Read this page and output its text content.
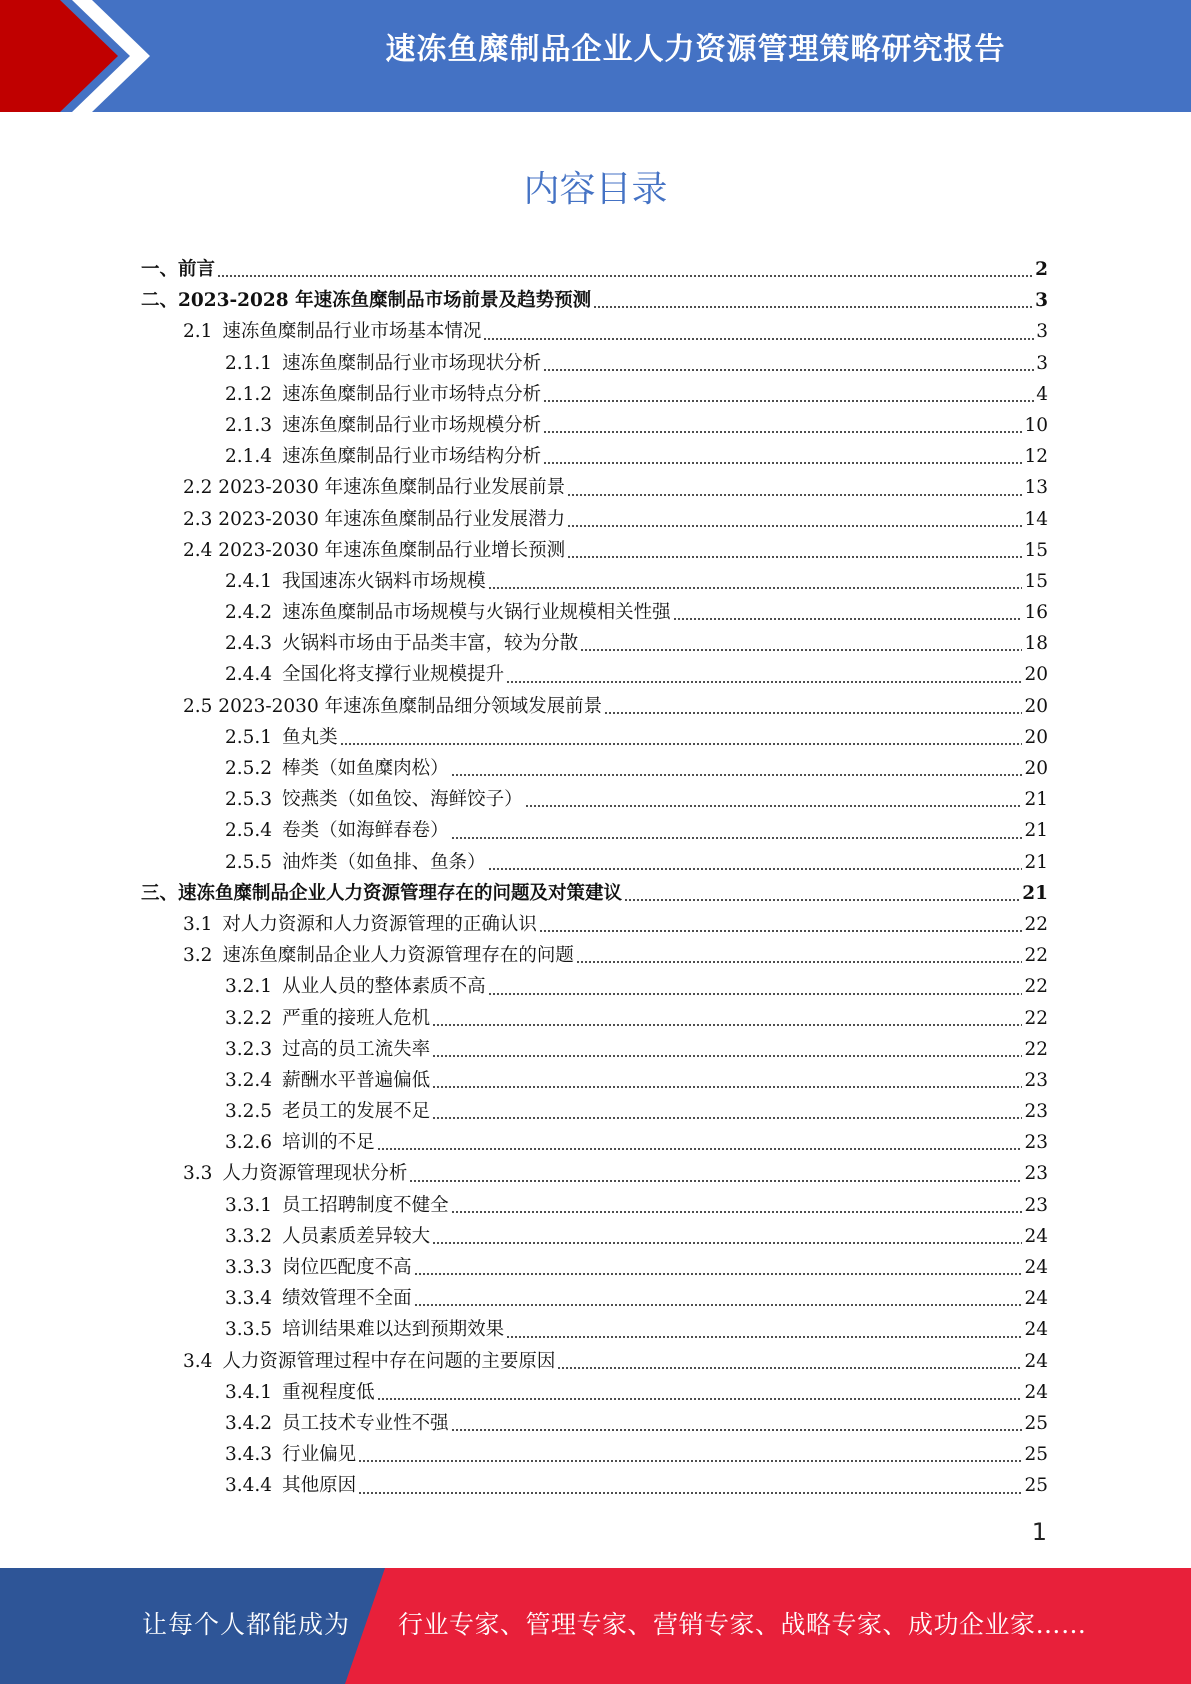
速冻鱼糜制品企业人力资源管理策略研究报告
内容目录
一、前言	2
二、2023-2028 年速冻鱼糜制品市场前景及趋势预测	3
2.1 速冻鱼糜制品行业市场基本情况	3
2.1.1 速冻鱼糜制品行业市场现状分析	3
2.1.2 速冻鱼糜制品行业市场特点分析	4
2.1.3 速冻鱼糜制品行业市场规模分析	10
2.1.4 速冻鱼糜制品行业市场结构分析	12
2.2 2023-2030 年速冻鱼糜制品行业发展前景	13
2.3 2023-2030 年速冻鱼糜制品行业发展潜力	14
2.4 2023-2030 年速冻鱼糜制品行业增长预测	15
2.4.1 我国速冻火锅料市场规模	15
2.4.2 速冻鱼糜制品市场规模与火锅行业规模相关性强	16
2.4.3 火锅料市场由于品类丰富，较为分散	18
2.4.4 全国化将支撑行业规模提升	20
2.5 2023-2030 年速冻鱼糜制品细分领域发展前景	20
2.5.1 鱼丸类	20
2.5.2 棒类（如鱼糜肉松）	20
2.5.3 饺燕类（如鱼饺、海鲜饺子）	21
2.5.4 卷类（如海鲜春卷）	21
2.5.5 油炸类（如鱼排、鱼条）	21
三、速冻鱼糜制品企业人力资源管理存在的问题及对策建议	21
3.1 对人力资源和人力资源管理的正确认识	22
3.2 速冻鱼糜制品企业人力资源管理存在的问题	22
3.2.1 从业人员的整体素质不高	22
3.2.2 严重的接班人危机	22
3.2.3 过高的员工流失率	22
3.2.4 薪酬水平普遍偏低	23
3.2.5 老员工的发展不足	23
3.2.6 培训的不足	23
3.3 人力资源管理现状分析	23
3.3.1 员工招聘制度不健全	23
3.3.2 人员素质差异较大	24
3.3.3 岗位匹配度不高	24
3.3.4 绩效管理不全面	24
3.3.5 培训结果难以达到预期效果	24
3.4 人力资源管理过程中存在问题的主要原因	24
3.4.1 重视程度低	24
3.4.2 员工技术专业性不强	25
3.4.3 行业偏见	25
3.4.4 其他原因	25
1
让每个人都能成为 行业专家、管理专家、营销专家、战略专家、成功企业家……
